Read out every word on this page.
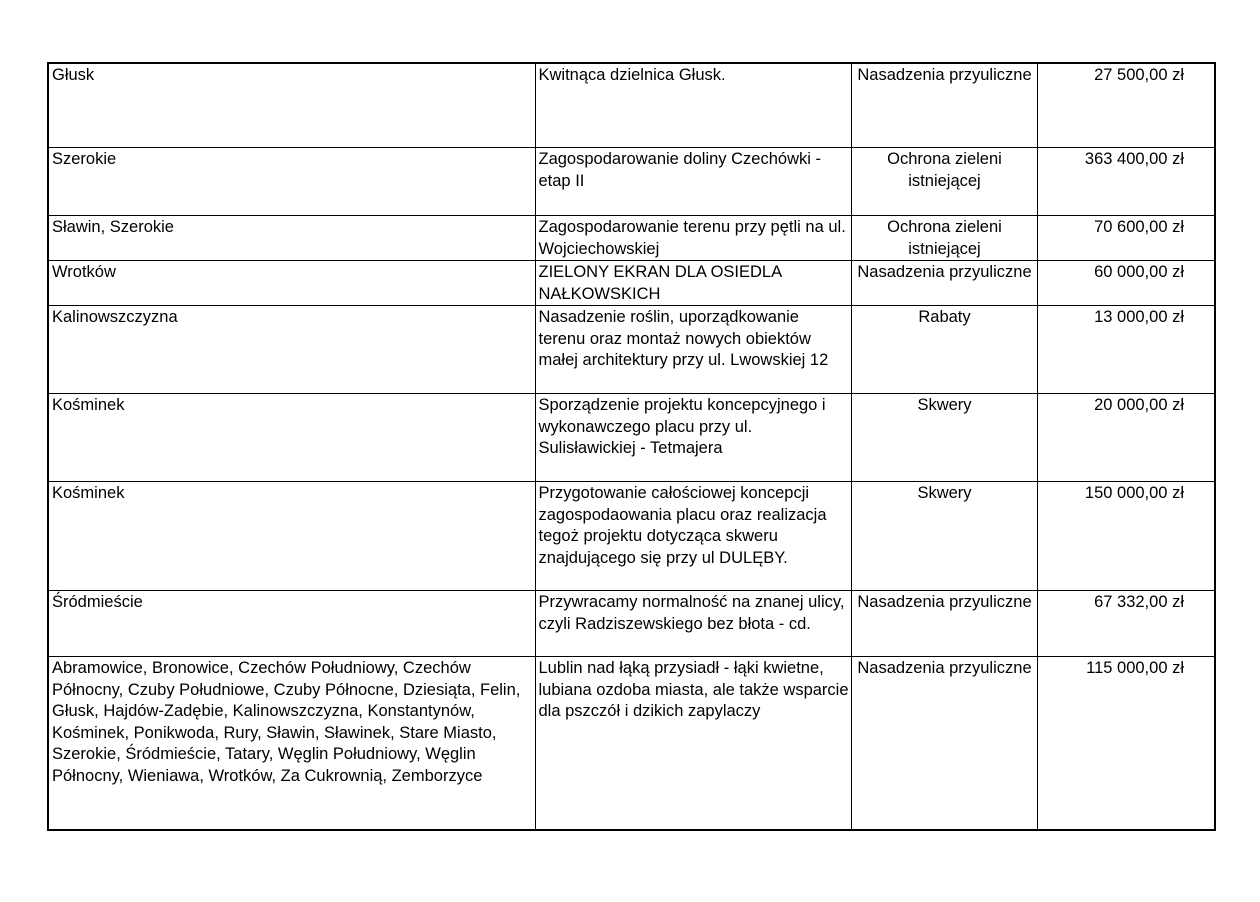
Głusk	Kwitnąca dzielnica Głusk.	Nasadzenia przyuliczne	27 500,00 zł
Szerokie	Zagospodarowanie doliny Czechówki - etap II	Ochrona zieleni istniejącej	363 400,00 zł
Sławin, Szerokie	Zagospodarowanie terenu przy pętli na ul. Wojciechowskiej	Ochrona zieleni istniejącej	70 600,00 zł
Wrotków	ZIELONY EKRAN DLA OSIEDLA NAŁKOWSKICH	Nasadzenia przyuliczne	60 000,00 zł
Kalinowszczyzna	Nasadzenie roślin, uporządkowanie terenu oraz montaż nowych obiektów małej architektury przy ul. Lwowskiej 12	Rabaty	13 000,00 zł
Kośminek	Sporządzenie projektu koncepcyjnego i wykonawczego placu przy ul. Sulisławickiej - Tetmajera	Skwery	20 000,00 zł
Kośminek	Przygotowanie całościowej koncepcji zagospodaowania placu oraz realizacja tegoż projektu dotycząca skweru znajdującego się przy ul DULĘBY.	Skwery	150 000,00 zł
Śródmieście	Przywracamy normalność na znanej ulicy, czyli Radziszewskiego bez błota - cd.	Nasadzenia przyuliczne	67 332,00 zł
Abramowice, Bronowice, Czechów Południowy, Czechów Północny, Czuby Południowe, Czuby Północne, Dziesiąta, Felin, Głusk, Hajdów-Zadębie, Kalinowszczyzna, Konstantynów, Kośminek, Ponikwoda, Rury, Sławin, Sławinek, Stare Miasto, Szerokie, Śródmieście, Tatary, Węglin Południowy, Węglin Północny, Wieniawa, Wrotków, Za Cukrownią, Zemborzyce	Lublin nad łąką przysiadł - łąki kwietne, lubiana ozdoba miasta, ale także wsparcie dla pszczół i dzikich zapylaczy	Nasadzenia przyuliczne	115 000,00 zł
